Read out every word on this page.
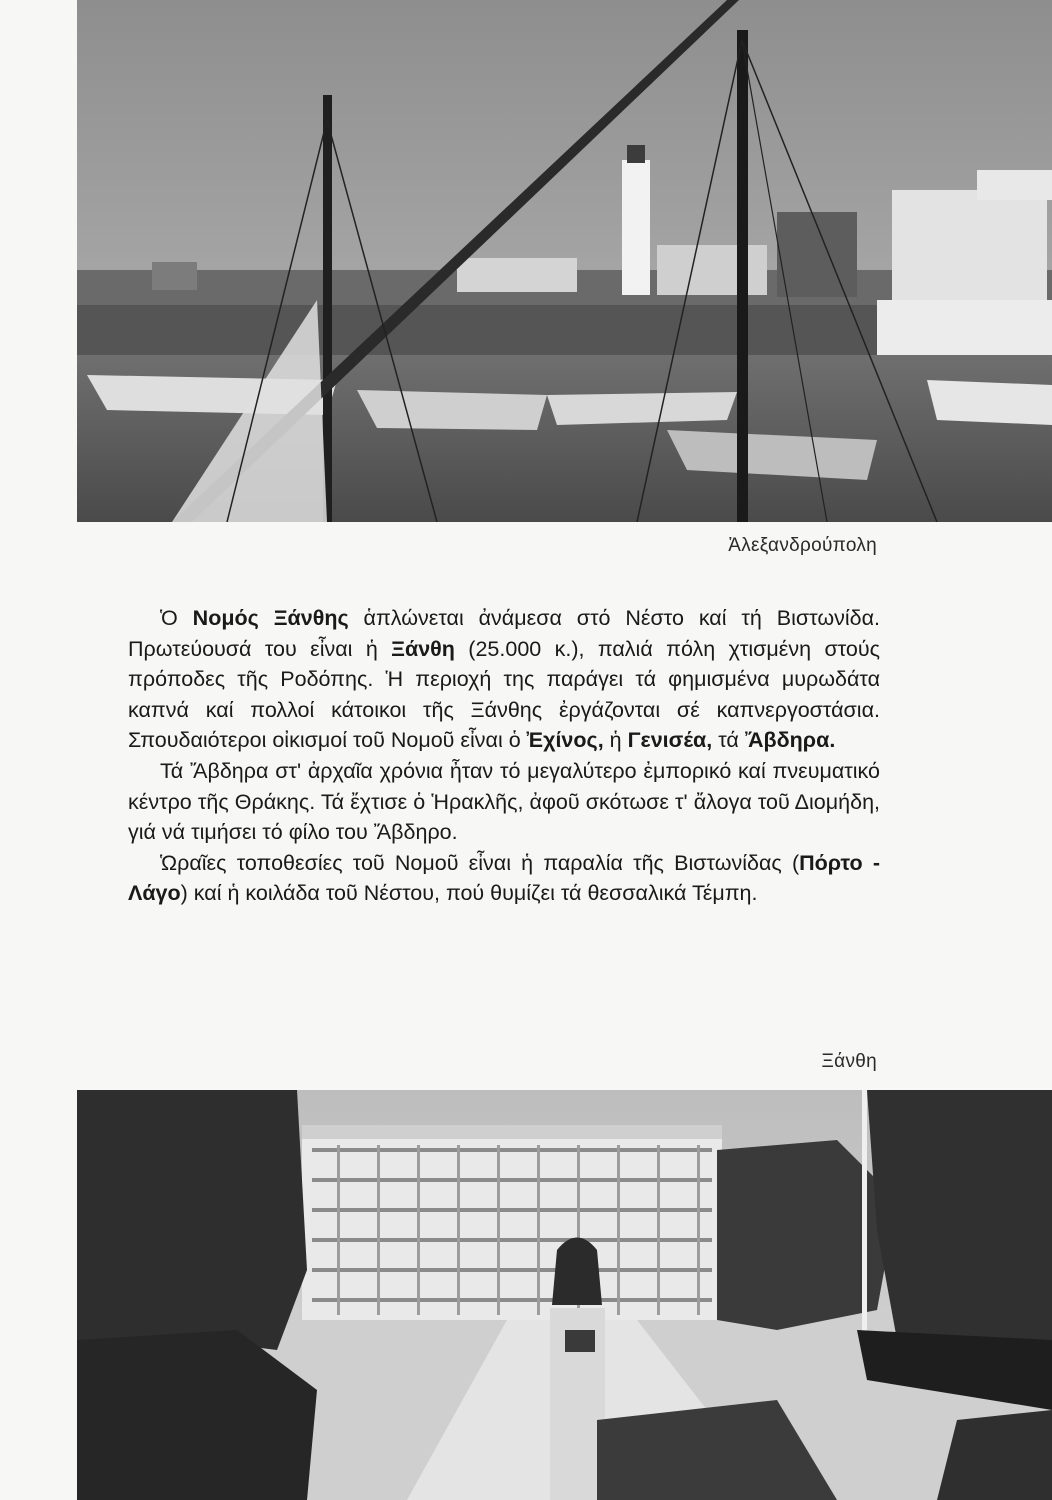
Ἀλεξανδρούπολη

Ὁ Νομός Ξάνθης ἁπλώνεται ἀνάμεσα στό Νέστο καί τή Βιστωνίδα. Πρωτεύουσά του εἶναι ἡ Ξάνθη (25.000 κ.), παλιά πόλη χτισμένη στούς πρόποδες τῆς Ροδόπης. Ἡ περιοχή της παράγει τά φημισμένα μυρωδάτα καπνά καί πολλοί κάτοικοι τῆς Ξάνθης ἐργάζονται σέ καπνεργοστάσια. Σπουδαιότεροι οἰκισμοί τοῦ Νομοῦ εἶναι ὁ Ἐχίνος, ἡ Γενισέα, τά Ἄβδηρα.

Τά Ἄβδηρα στ' ἀρχαῖα χρόνια ἦταν τό μεγαλύτερο ἐμπορικό καί πνευματικό κέντρο τῆς Θράκης. Τά ἔχτισε ὁ Ἡρακλῆς, ἀφοῦ σκότωσε τ' ἄλογα τοῦ Διομήδη, γιά νά τιμήσει τό φίλο του Ἄβδηρο.

Ὡραῖες τοποθεσίες τοῦ Νομοῦ εἶναι ἡ παραλία τῆς Βιστωνίδας (Πόρτο - Λάγο) καί ἡ κοιλάδα τοῦ Νέστου, πού θυμίζει τά θεσσαλικά Τέμπη.

Ξάνθη
